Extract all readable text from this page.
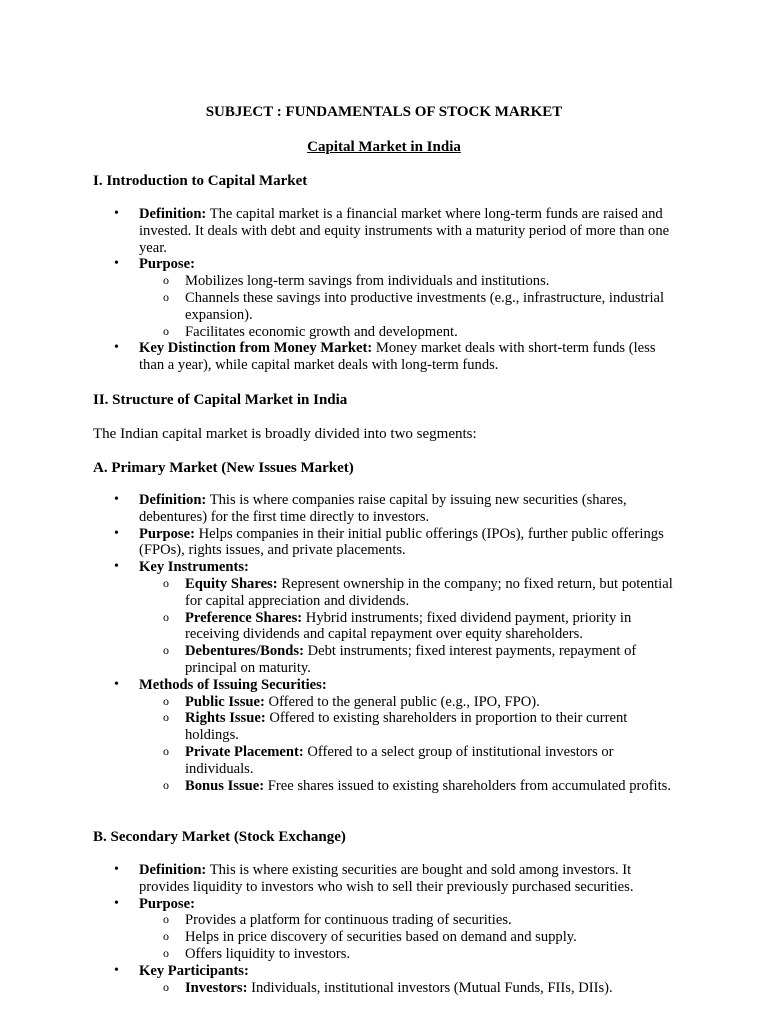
SUBJECT : FUNDAMENTALS OF STOCK MARKET
Capital Market in India
I. Introduction to Capital Market
• Definition: The capital market is a financial market where long-term funds are raised and invested. It deals with debt and equity instruments with a maturity period of more than one year.
• Purpose:
o Mobilizes long-term savings from individuals and institutions.
o Channels these savings into productive investments (e.g., infrastructure, industrial expansion).
o Facilitates economic growth and development.
• Key Distinction from Money Market: Money market deals with short-term funds (less than a year), while capital market deals with long-term funds.
II. Structure of Capital Market in India
The Indian capital market is broadly divided into two segments:
A. Primary Market (New Issues Market)
• Definition: This is where companies raise capital by issuing new securities (shares, debentures) for the first time directly to investors.
• Purpose: Helps companies in their initial public offerings (IPOs), further public offerings (FPOs), rights issues, and private placements.
• Key Instruments:
o Equity Shares: Represent ownership in the company; no fixed return, but potential for capital appreciation and dividends.
o Preference Shares: Hybrid instruments; fixed dividend payment, priority in receiving dividends and capital repayment over equity shareholders.
o Debentures/Bonds: Debt instruments; fixed interest payments, repayment of principal on maturity.
• Methods of Issuing Securities:
o Public Issue: Offered to the general public (e.g., IPO, FPO).
o Rights Issue: Offered to existing shareholders in proportion to their current holdings.
o Private Placement: Offered to a select group of institutional investors or individuals.
o Bonus Issue: Free shares issued to existing shareholders from accumulated profits.
B. Secondary Market (Stock Exchange)
• Definition: This is where existing securities are bought and sold among investors. It provides liquidity to investors who wish to sell their previously purchased securities.
• Purpose:
o Provides a platform for continuous trading of securities.
o Helps in price discovery of securities based on demand and supply.
o Offers liquidity to investors.
• Key Participants:
o Investors: Individuals, institutional investors (Mutual Funds, FIIs, DIIs).
